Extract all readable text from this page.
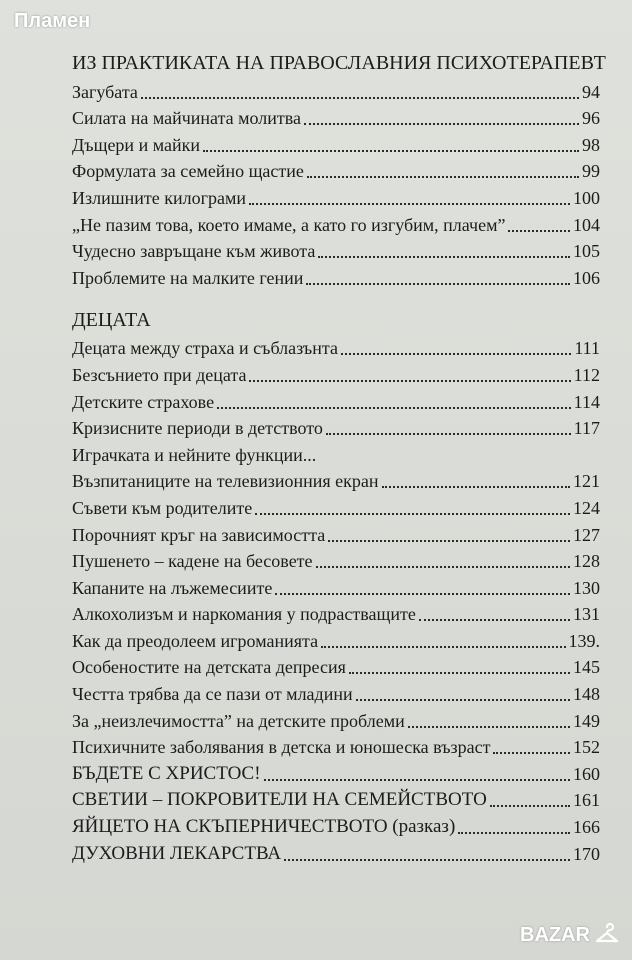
Пламен
ИЗ ПРАКТИКАТА НА ПРАВОСЛАВНИЯ ПСИХОТЕРАПЕВТ
Загубата	94
Силата на майчината молитва	96
Дъщери и майки	98
Формулата за семейно щастие	99
Излишните килограми	100
„Не пазим това, което имаме, а като го изгубим, плачем”	104
Чудесно завръщане към живота	105
Проблемите на малките гении	106
ДЕЦАТА
Децата между страха и съблазънта	111
Безсънието при децата	112
Детските страхове	114
Кризисните периоди в детството	117
Играчката и нейните функции...
Възпитаниците на телевизионния екран	121
Съвети към родителите	124
Порочният кръг на зависимостта	127
Пушенето – кадене на бесовете	128
Капаните на лъжемесиите	130
Алкохолизъм и наркомания у подрастващите	131
Как да преодолеем игроманията	139.
Особеностите на детската депресия	145
Честта трябва да се пази от младини	148
За „неизлечимостта” на детските проблеми	149
Психичните заболявания в детска и юношеска възраст	152
БЪДЕТЕ С ХРИСТОС!	160
СВЕТИИ – ПОКРОВИТЕЛИ НА СЕМЕЙСТВОТО	161
ЯЙЦЕТО НА СКЪПЕРНИЧЕСТВОТО (разказ)	166
ДУХОВНИ ЛЕКАРСТВА	170
BAZAR
